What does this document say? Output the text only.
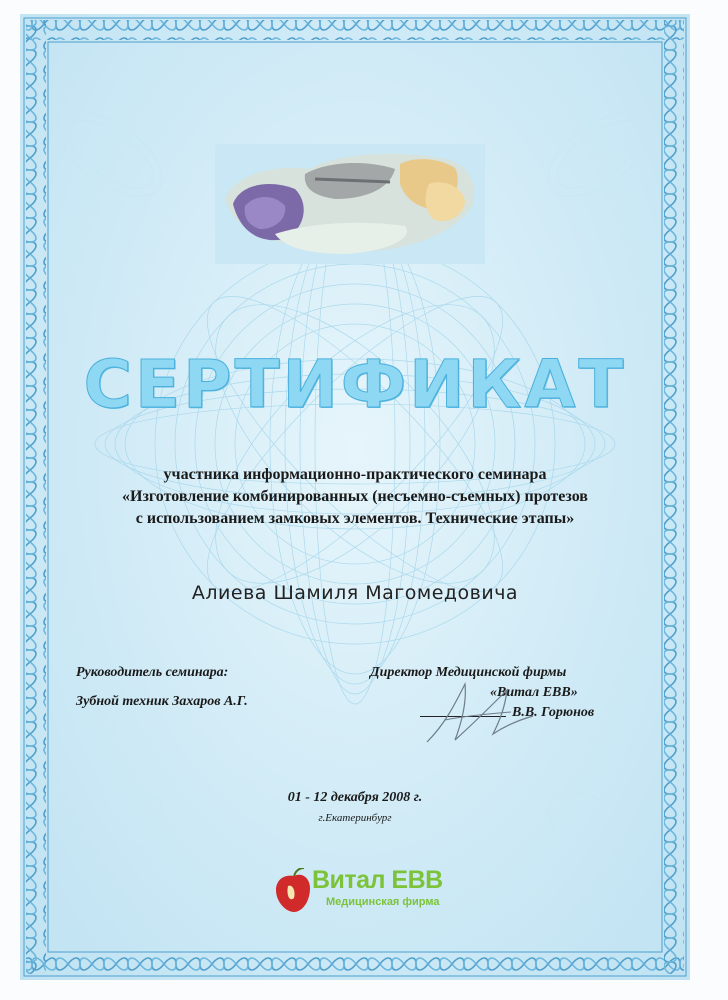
СЕРТИФИКАТ
участника информационно-практического семинара
«Изготовление комбинированных (несъемно-съемных) протезов
с использованием замковых элементов. Технические этапы»
Алиева Шамиля Магомедовича
Руководитель семинара:
Зубной техник Захаров А.Г.
Директор Медицинской фирмы
«Витал ЕВВ»
В.В. Горюнов
01 - 12 декабря 2008 г.
г.Екатеринбург
Витал ЕВВ
Медицинская фирма
